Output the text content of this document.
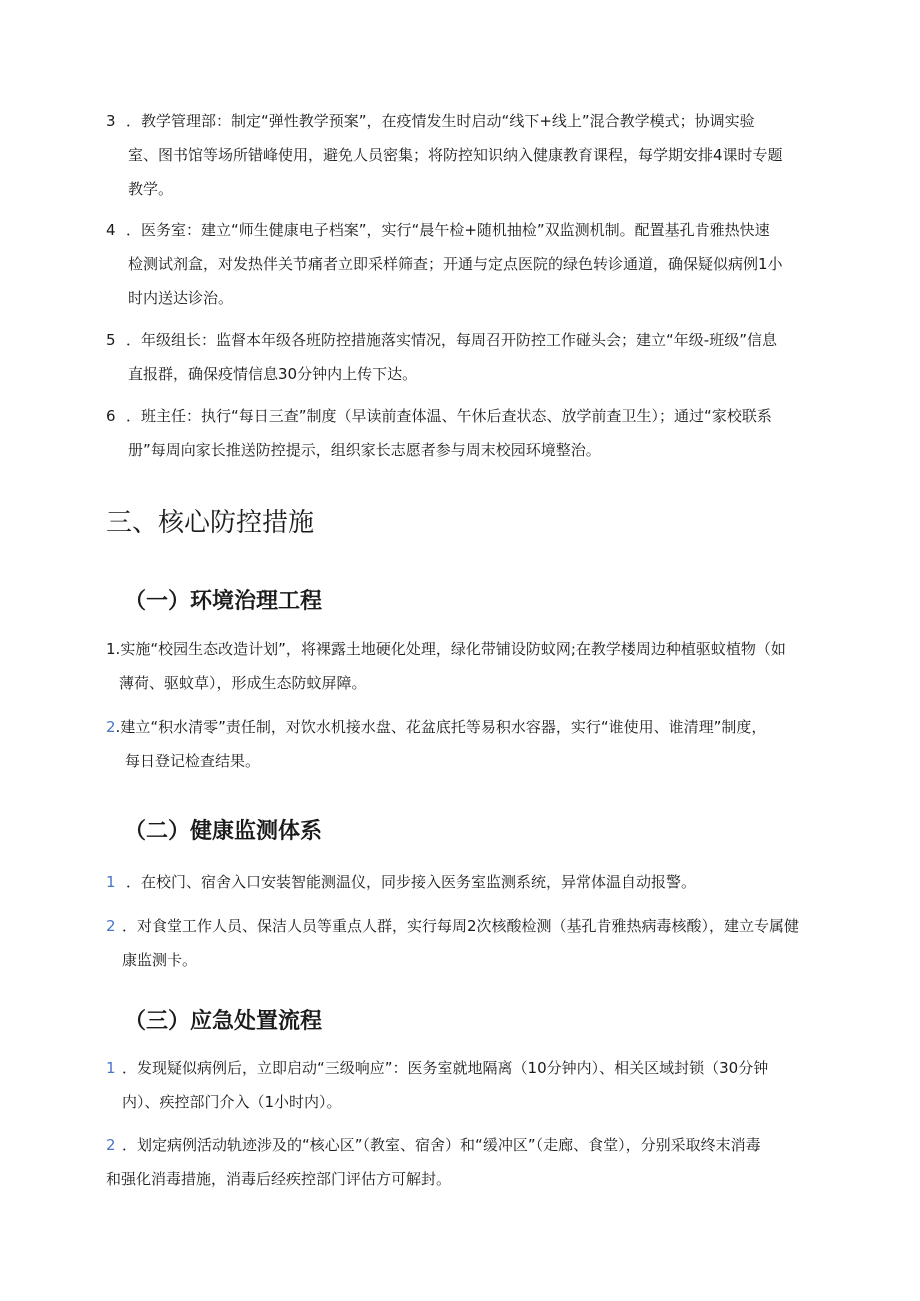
3 ．教学管理部：制定“弹性教学预案”，在疫情发生时启动“线下+线上”混合教学模式；协调实验
室、图书馆等场所错峰使用，避免人员密集；将防控知识纳入健康教育课程，每学期安排4课时专题
教学。
4 ．医务室：建立“师生健康电子档案”，实行“晨午检+随机抽检”双监测机制。配置基孔肯雅热快速
检测试剂盒，对发热伴关节痛者立即采样筛查；开通与定点医院的绿色转诊通道，确保疑似病例1小
时内送达诊治。
5 ．年级组长：监督本年级各班防控措施落实情况，每周召开防控工作碰头会；建立“年级-班级”信息
直报群，确保疫情信息30分钟内上传下达。
6 ．班主任：执行“每日三查”制度（早读前查体温、午休后查状态、放学前查卫生）；通过“家校联系
册”每周向家长推送防控提示，组织家长志愿者参与周末校园环境整治。
三、核心防控措施
（一）环境治理工程
1.实施“校园生态改造计划”，将裸露土地硬化处理，绿化带铺设防蚊网;在教学楼周边种植驱蚊植物（如
薄荷、驱蚊草），形成生态防蚊屏障。
2.建立“积水清零”责任制，对饮水机接水盘、花盆底托等易积水容器，实行“谁使用、谁清理”制度，
每日登记检查结果。
（二）健康监测体系
1 ．在校门、宿舍入口安装智能测温仪，同步接入医务室监测系统，异常体温自动报警。
2 ．对食堂工作人员、保洁人员等重点人群，实行每周2次核酸检测（基孔肯雅热病毒核酸），建立专属健
康监测卡。
（三）应急处置流程
1 ．发现疑似病例后，立即启动“三级响应”：医务室就地隔离（10分钟内）、相关区域封锁（30分钟
内）、疾控部门介入（1小时内）。
2 ．划定病例活动轨迹涉及的“核心区”（教室、宿舍）和“缓冲区”（走廊、食堂），分别采取终末消毒
和强化消毒措施，消毒后经疾控部门评估方可解封。
